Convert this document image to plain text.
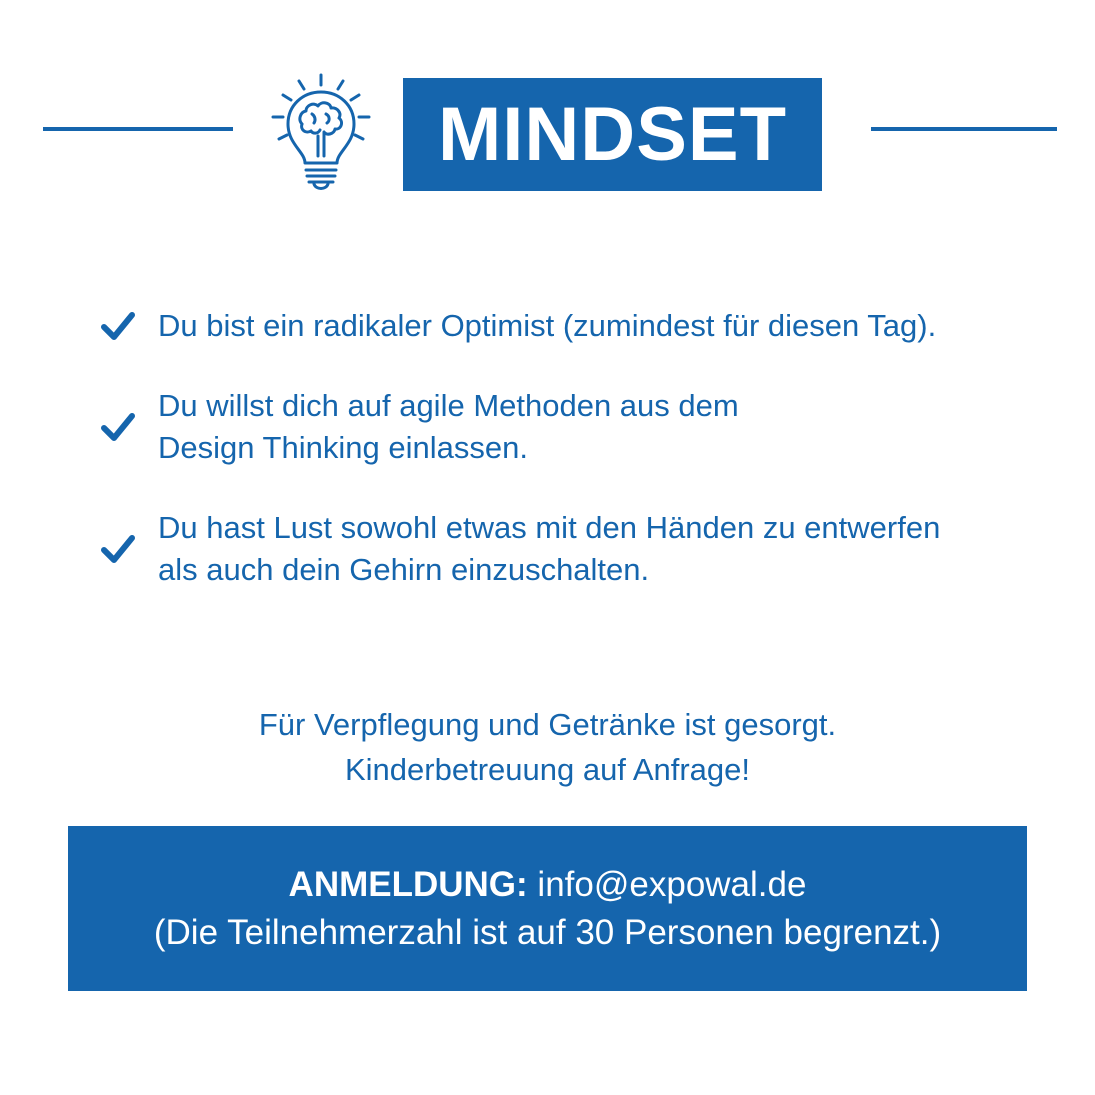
MINDSET
Du bist ein radikaler Optimist (zumindest für diesen Tag).
Du willst dich auf agile Methoden aus dem
Design Thinking einlassen.
Du hast Lust sowohl etwas mit den Händen zu entwerfen
als auch dein Gehirn einzuschalten.
Für Verpflegung und Getränke ist gesorgt.
Kinderbetreuung auf Anfrage!
ANMELDUNG: info@expowal.de
(Die Teilnehmerzahl ist auf 30 Personen begrenzt.)
